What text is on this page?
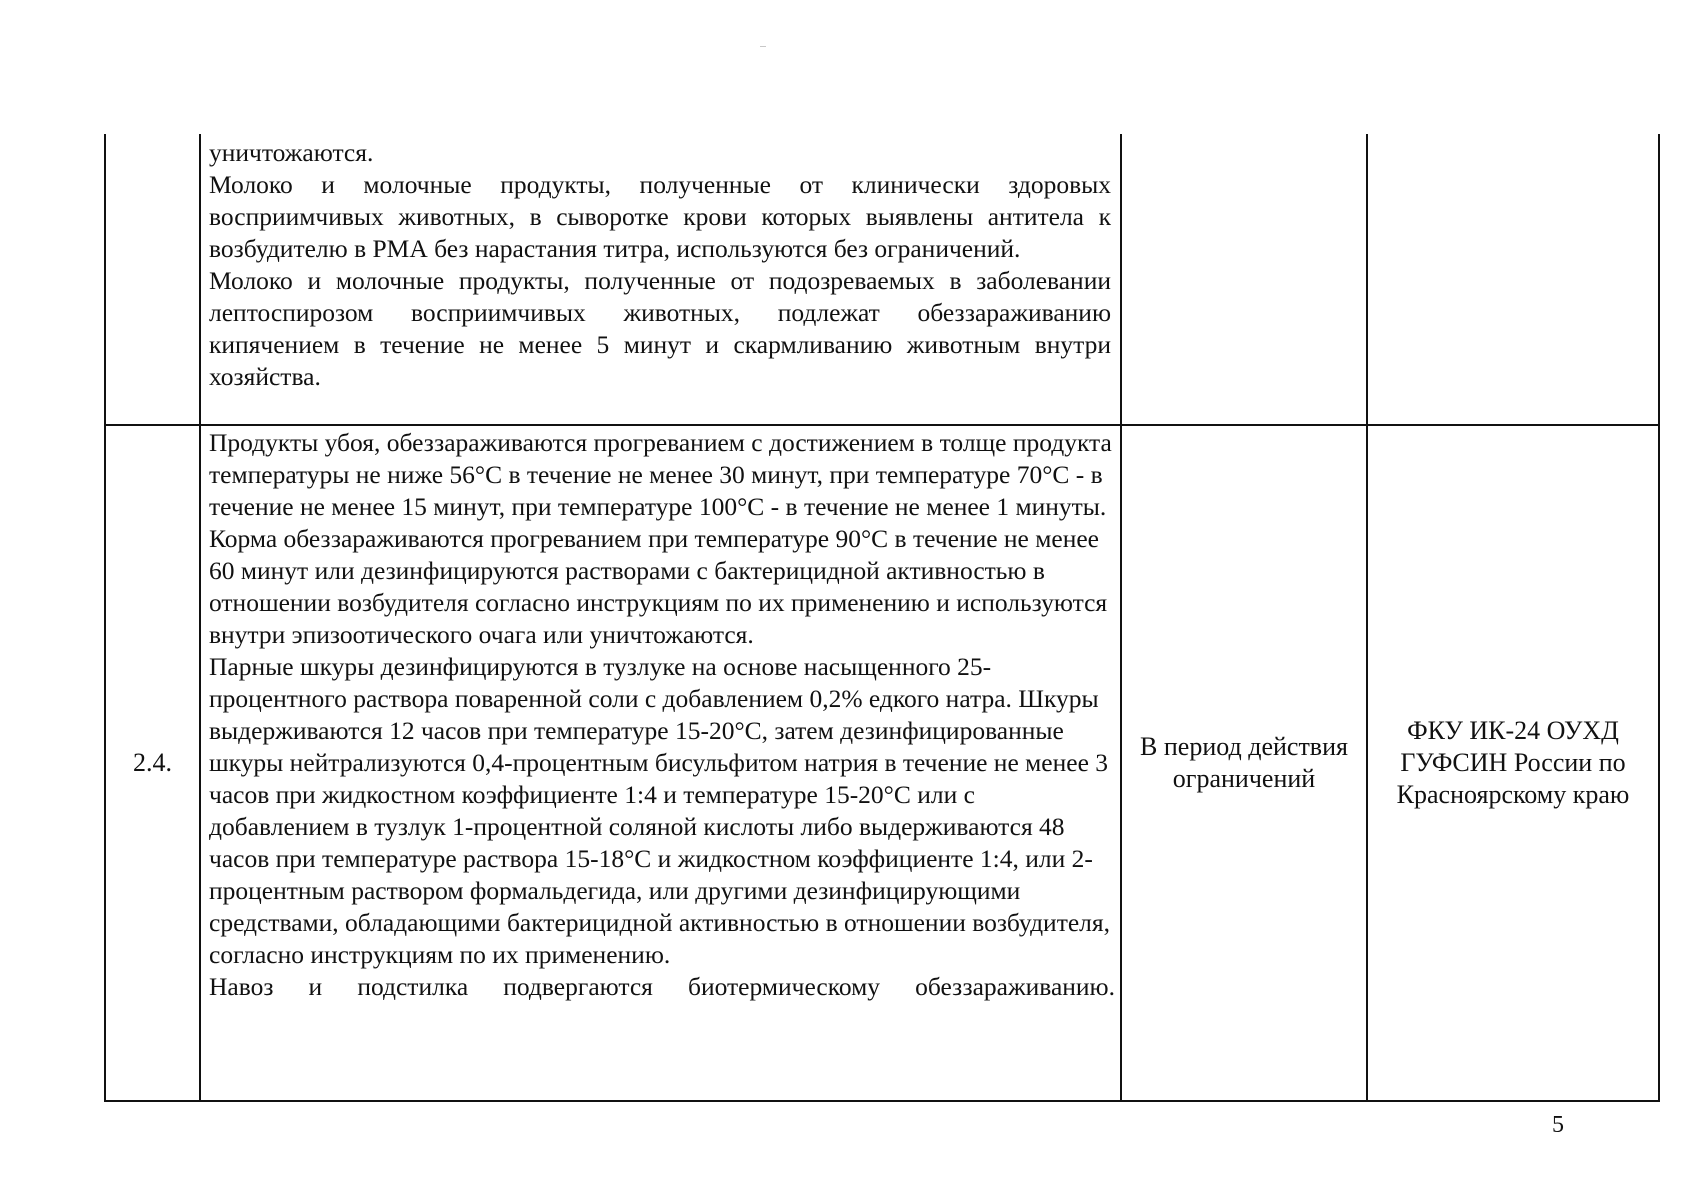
уничтожаются.

Молоко и молочные продукты, полученные от клинически здоровых восприимчивых животных, в сыворотке крови которых выявлены антитела к возбудителю в РМА без нарастания титра, используются без ограничений.

Молоко и молочные продукты, полученные от подозреваемых в заболевании лептоспирозом восприимчивых животных, подлежат обеззараживанию кипячением в течение не менее 5 минут и скармливанию животным внутри хозяйства.

2.4.

Продукты убоя, обеззараживаются прогреванием с достижением в толще продукта температуры не ниже 56°С в течение не менее 30 минут, при температуре 70°С - в течение не менее 15 минут, при температуре 100°С - в течение не менее 1 минуты.

Корма обеззараживаются прогреванием при температуре 90°С в течение не менее 60 минут или дезинфицируются растворами с бактерицидной активностью в отношении возбудителя согласно инструкциям по их применению и используются внутри эпизоотического очага или уничтожаются.

Парные шкуры дезинфицируются в тузлуке на основе насыщенного 25-процентного раствора поваренной соли с добавлением 0,2% едкого натра. Шкуры выдерживаются 12 часов при температуре 15-20°С, затем дезинфицированные шкуры нейтрализуются 0,4-процентным бисульфитом натрия в течение не менее 3 часов при жидкостном коэффициенте 1:4 и температуре 15-20°С или с добавлением в тузлук 1-процентной соляной кислоты либо выдерживаются 48 часов при температуре раствора 15-18°С и жидкостном коэффициенте 1:4, или 2-процентным раствором формальдегида, или другими дезинфицирующими средствами, обладающими бактерицидной активностью в отношении возбудителя, согласно инструкциям по их применению.

Навоз и подстилка подвергаются биотермическому обеззараживанию.

В период действия ограничений
ФКУ ИК-24 ОУХД ГУФСИН России по Красноярскому краю
5
